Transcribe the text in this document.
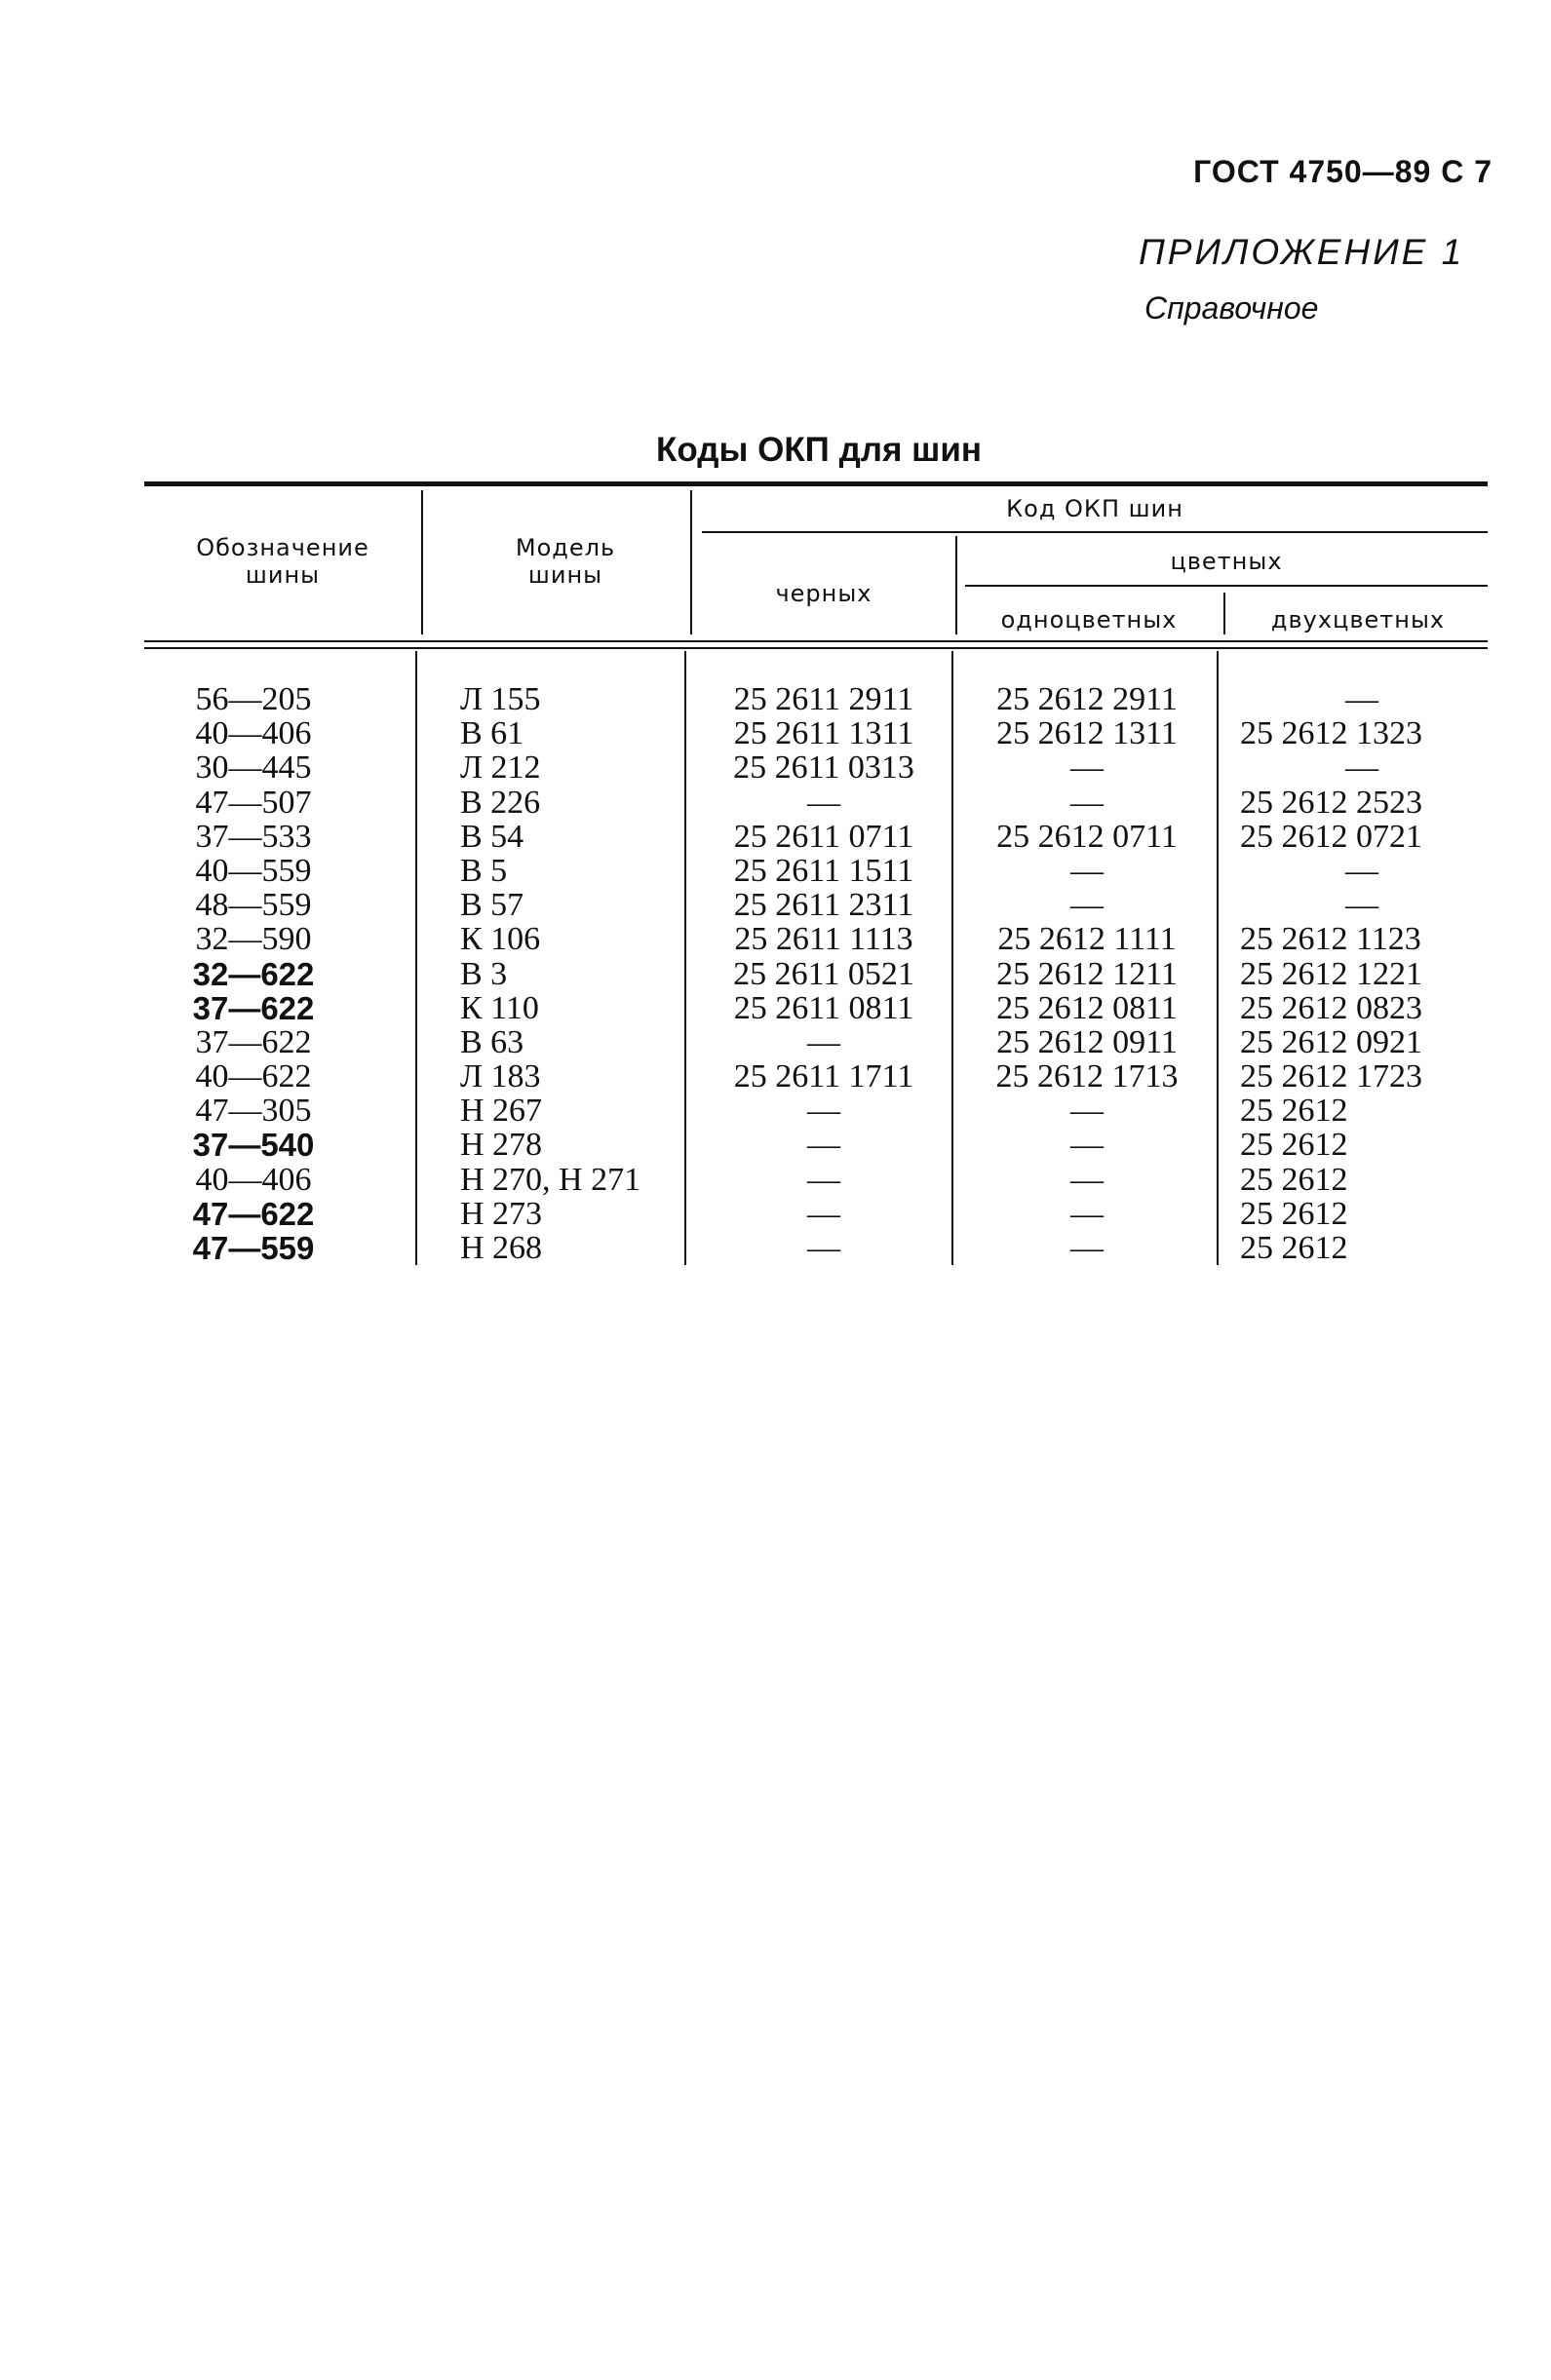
ГОСТ 4750—89 С 7
ПРИЛОЖЕНИЕ 1
Справочное
Коды ОКП для шин
Обозначение шины
Модель шины
Код ОКП шин
черных
цветных
одноцветных	двухцветных
56—205
40—406
30—445
47—507
37—533
40—559
48—559
32—590
32—622
37—622
37—622
40—622
47—305
37—540
40—406
47—622
47—559
Л 155
В 61
Л 212
В 226
В 54
В 5
В 57
К 106
В 3
К 110
В 63
Л 183
Н 267
Н 278
Н 270, Н 271
Н 273
Н 268
25 2611 2911
25 2611 1311
25 2611 0313
—
25 2611 0711
25 2611 1511
25 2611 2311
25 2611 1113
25 2611 0521
25 2611 0811
—
25 2611 1711
—
—
—
—
—
25 2612 2911
25 2612 1311
—
—
25 2612 0711
—
—
25 2612 1111
25 2612 1211
25 2612 0811
25 2612 0911
25 2612 1713
—
—
—
—
—
—
25 2612 1323
—
25 2612 2523
25 2612 0721
—
—
25 2612 1123
25 2612 1221
25 2612 0823
25 2612 0921
25 2612 1723
25 2612
25 2612
25 2612
25 2612
25 2612
